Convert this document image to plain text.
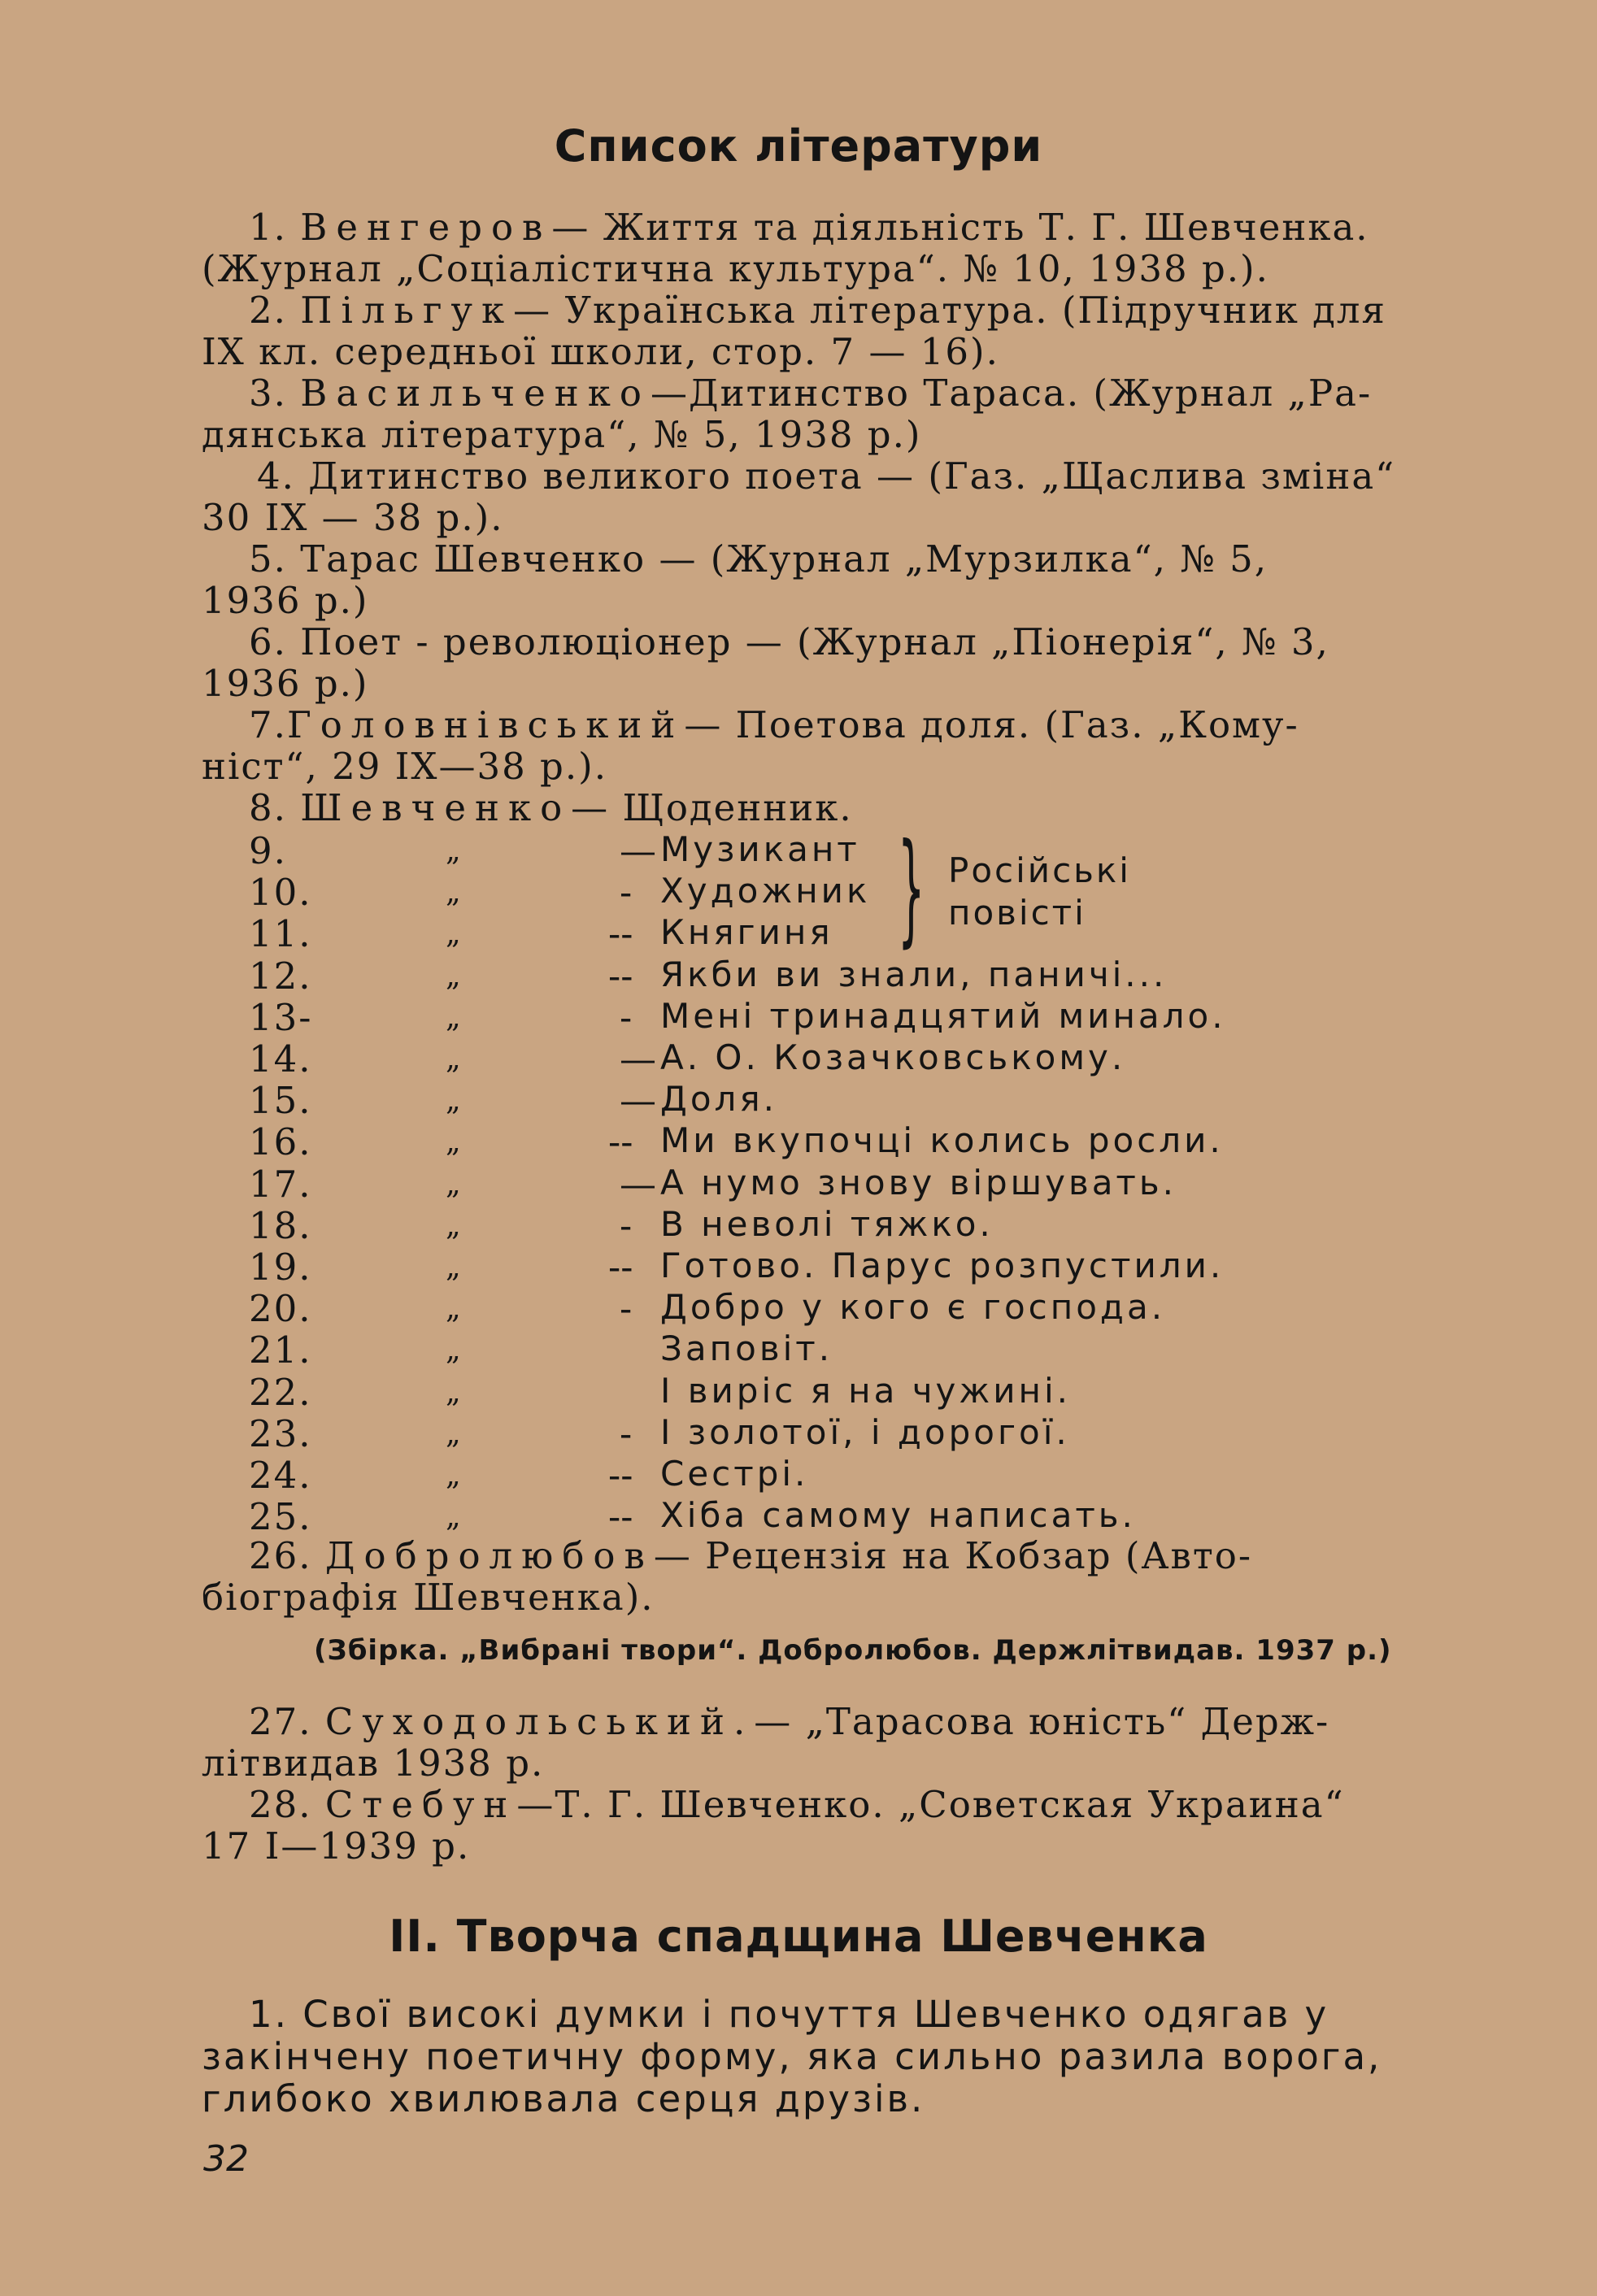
Список літератури
1. Венгеров— Життя та діяльність Т. Г. Шевченка.
(Журнал „Соціалістична культура“. № 10, 1938 р.).
2. Пільгук— Українська література. (Підручник для
IX кл. середньої школи, стор. 7 — 16).
3. Васильченко—Дитинство Тараса. (Журнал „Ра-
дянська література“, № 5, 1938 р.)
4. Дитинство великого поета — (Газ. „Щаслива зміна“
30 IX — 38 р.).
5. Тарас Шевченко — (Журнал „Мурзилка“, № 5,
1936 р.)
6. Поет - революціонер — (Журнал „Піонерія“, № 3,
1936 р.)
7.Головнівський— Поетова доля. (Газ. „Кому-
ніст“, 29 IX—38 р.).
8. Шевченко— Щоденник.
9.	„	— Музикант
10.	„	- Художник
11.	„	-- Княгиня
12.	„	-- Якби ви знали, паничі...
13-	„	- Мені тринадцятий минало.
14.	„	— А. О. Козачковському.
15.	„	— Доля.
16.	„	-- Ми вкупочці колись росли.
17.	„	— А нумо знову віршувать.
18.	„	- В неволі тяжко.
19.	„	-- Готово. Парус розпустили.
20.	„	- Добро у кого є господа.
21.	„	Заповіт.
22.	„	І виріс я на чужині.
23.	„	- І золотої, і дорогої.
24.	„	-- Сестрі.
25.	„	-- Хіба самому написать.
} Російські
повісті
26. Добролюбов— Рецензія на Кобзар (Авто-
біографія Шевченка).
(Збірка. „Вибрані твори“. Добролюбов. Держлітвидав. 1937 р.)
27. Суходольський.— „Тарасова юність“ Держ-
літвидав 1938 р.
28. Стебун—Т. Г. Шевченко. „Советская Украина“
17 I—1939 р.
II. Творча спадщина Шевченка
1. Свої високі думки і почуття Шевченко одягав у
закінчену поетичну форму, яка сильно разила ворога,
глибоко хвилювала серця друзів.
32
